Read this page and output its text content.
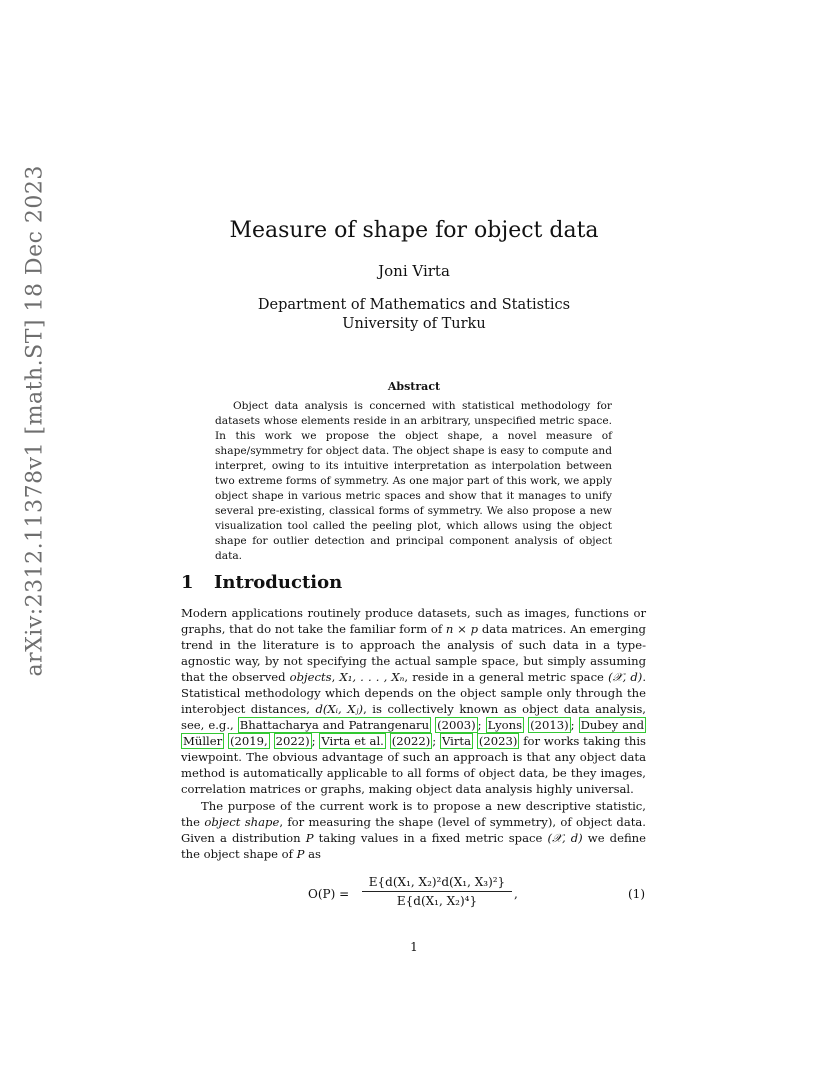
arXiv:2312.11378v1 [math.ST] 18 Dec 2023	Measure of shape for object data
Joni Virta
Department of Mathematics and Statistics
University of Turku
Abstract
Object data analysis is concerned with statistical methodology for datasets whose elements reside in an arbitrary, unspecified metric space. In this work we propose the object shape, a novel measure of shape/symmetry for object data. The object shape is easy to compute and interpret, owing to its intuitive interpretation as interpolation between two extreme forms of symmetry. As one major part of this work, we apply object shape in various metric spaces and show that it manages to unify several pre-existing, classical forms of symmetry. We also propose a new visualization tool called the peeling plot, which allows using the object shape for outlier detection and principal component analysis of object data.
1 Introduction
Modern applications routinely produce datasets, such as images, functions or graphs, that do not take the familiar form of n × p data matrices. An emerging trend in the literature is to approach the analysis of such data in a type-agnostic way, by not specifying the actual sample space, but simply assuming that the observed objects, X₁, . . . , Xₙ, reside in a general metric space (𝒳, d). Statistical methodology which depends on the object sample only through the interobject distances, d(Xᵢ, Xⱼ), is collectively known as object data analysis, see, e.g., Bhattacharya and Patrangenaru (2003) ; Lyons (2013) ; Dubey and Müller (2019, 2022) ; Virta et al. (2022) ; Virta (2023) for works taking this viewpoint. The obvious advantage of such an approach is that any object data method is automatically applicable to all forms of object data, be they images, correlation matrices or graphs, making object data analysis highly universal.
The purpose of the current work is to propose a new descriptive statistic, the object shape, for measuring the shape (level of symmetry), of object data. Given a distribution P taking values in a fixed metric space (𝒳, d) we define the object shape of P as
$O(P) = \frac{\text{E\{d(X₁, X₂)²d(X₁, X₃)²\}}}{\text{E\{d(X₁, X₂)⁴\}}}$ ,	(1)
1
